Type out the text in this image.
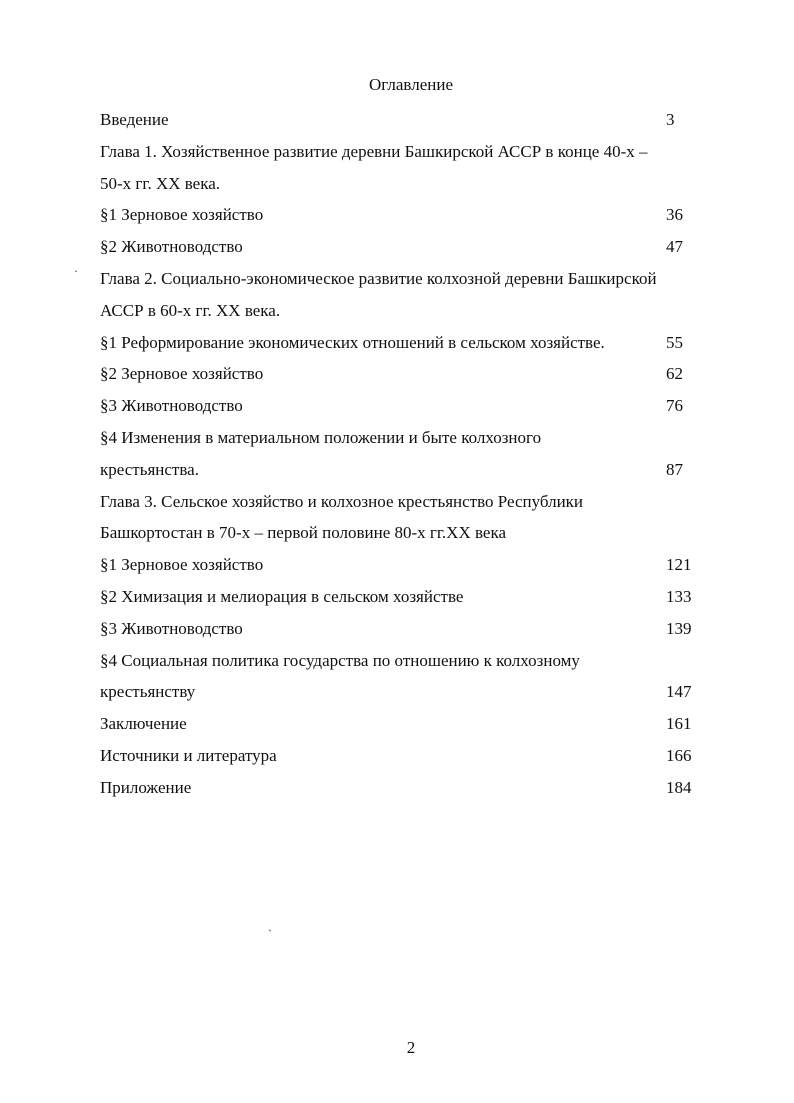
Оглавление
Введение	3
Глава 1. Хозяйственное развитие деревни Башкирской АССР в конце 40-х –
50-х гг. XX века.
§1 Зерновое хозяйство	36
§2 Животноводство	47
Глава 2. Социально-экономическое развитие колхозной деревни Башкирской
АССР в 60-х гг. XX века.
§1 Реформирование экономических отношений в сельском хозяйстве.	55
§2 Зерновое хозяйство	62
§3 Животноводство	76
§4 Изменения в материальном положении и быте колхозного
крестьянства.	87
Глава 3. Сельское хозяйство и колхозное крестьянство Республики
Башкортостан в 70-х – первой половине 80-х гг.XX века
§1 Зерновое хозяйство	121
§2 Химизация и мелиорация в сельском хозяйстве	133
§3 Животноводство	139
§4 Социальная политика государства по отношению к колхозному
крестьянству	147
Заключение	161
Источники и литература	166
Приложение	184
·
ˎ
2
